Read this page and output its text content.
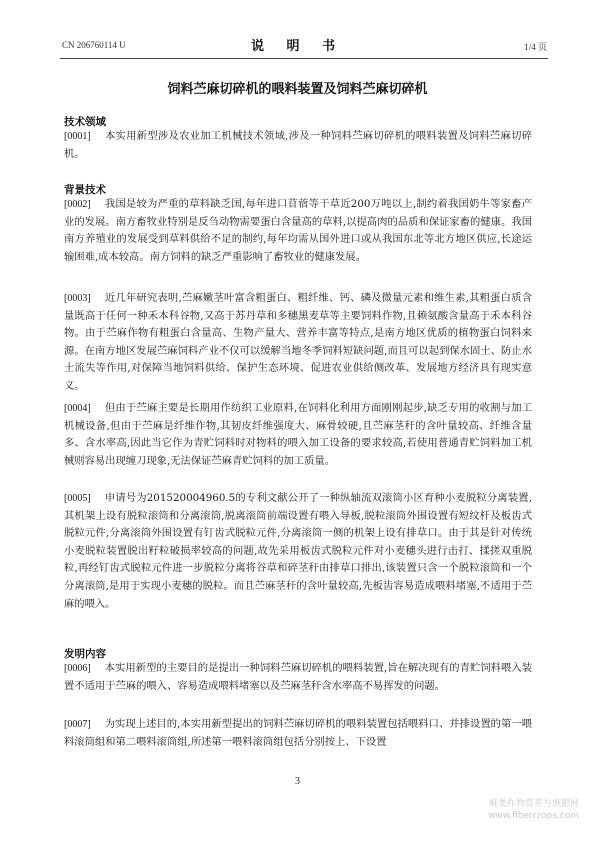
CN 206760114 U	说 明 书	1/4 页
饲料苎麻切碎机的喂料装置及饲料苎麻切碎机
技术领域

[0001] 本实用新型涉及农业加工机械技术领域,涉及一种饲料苎麻切碎机的喂料装置及饲料苎麻切碎机。

背景技术

[0002] 我国是较为严重的草料缺乏国,每年进口苜蓿等干草近200万吨以上,制约着我国奶牛等家畜产业的发展。南方畜牧业特别是反刍动物需要蛋白含量高的草料,以提高肉的品质和保证家畜的健康。我国南方养殖业的发展受到草料供给不足的制约,每年均需从国外进口或从我国东北等北方地区供应,长途运输困难,成本较高。南方饲料的缺乏严重影响了畜牧业的健康发展。

[0003] 近几年研究表明,苎麻嫩茎叶富含粗蛋白、粗纤维、钙、磷及微量元素和维生素,其粗蛋白质含量既高于任何一种禾本科谷物,又高于苏丹草和多穗黑麦草等主要饲料作物,且赖氨酸含量高于禾本科谷物。由于苎麻作物有粗蛋白含量高、生物产量大、营养丰富等特点,是南方地区优质的植物蛋白饲料来源。在南方地区发展苎麻饲料产业不仅可以缓解当地冬季饲料短缺问题,而且可以起到保水固土、防止水土流失等作用,对保障当地饲料供给、保护生态环境、促进农业供给侧改革、发展地方经济具有现实意义。

[0004] 但由于苎麻主要是长期用作纺织工业原料,在饲料化利用方面刚刚起步,缺乏专用的收割与加工机械设备,但由于苎麻是纤维作物,其韧皮纤维强度大、麻骨较硬,且苎麻茎秆的含叶量较高、纤维含量多、含水率高,因此当它作为青贮饲料时对物料的喂入加工设备的要求较高,若使用普通青贮饲料加工机械则容易出现缠刀现象,无法保证苎麻青贮饲料的加工质量。

[0005] 申请号为201520004960.5的专利文献公开了一种纵轴流双滚筒小区育种小麦脱粒分离装置,其机架上设有脱粒滚筒和分离滚筒,脱离滚筒前端设置有喂入导板,脱粒滚筒外围设置有短纹杆及板齿式脱粒元件,分离滚筒外围设置有钉齿式脱粒元件,分离滚筒一侧的机架上设有排草口。由于其是针对传统小麦脱粒装置脱出籽粒破损率较高的问题,故先采用板齿式脱粒元件对小麦穗头进行击打、揉搓双重脱粒,再经钉齿式脱粒元件进一步脱粒分离将谷草和碎茎秆由排草口排出,该装置只含一个脱粒滚筒和一个分离滚筒,是用于实现小麦穗的脱粒。而且苎麻茎秆的含叶量较高,先板齿容易造成喂料堵塞,不适用于苎麻的喂入。

发明内容

[0006] 本实用新型的主要目的是提出一种饲料苎麻切碎机的喂料装置,旨在解决现有的青贮饲料喂入装置不适用于苎麻的喂入、容易造成喂料堵塞以及苎麻茎秆含水率高不易挥发的问题。

[0007] 为实现上述目的,本实用新型提出的饲料苎麻切碎机的喂料装置包括喂料口、并排设置的第一喂料滚筒组和第二喂料滚筒组,所述第一喂料滚筒组包括分别按上、下设置

3
麻类作物营养与施肥网
www.fibercrops.com
